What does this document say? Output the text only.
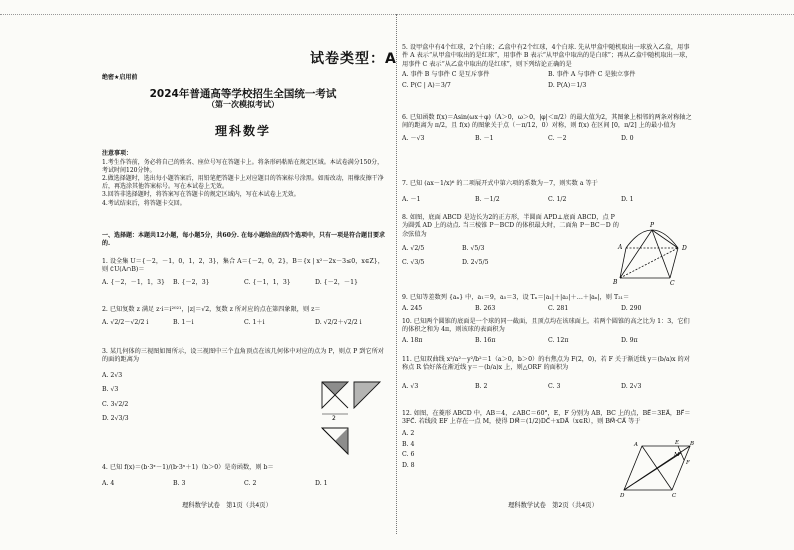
试卷类型：A
绝密★启用前
2024年普通高等学校招生全国统一考试
（第一次模拟考试）
理科数学
注意事项：

1.考生作答前，务必将自己的姓名、座位号写在答题卡上。将条形码粘贴在规定区域。本试卷满分150分，考试时间120分钟。

2.做选择题时，选出每小题答案后，用铅笔把答题卡上对应题目的答案标号涂黑。如需改动，用橡皮擦干净后，再选涂其他答案标号。写在本试卷上无效。

3.回答非选择题时，将答案写在答题卡的规定区域内，写在本试卷上无效。

4.考试结束后，将答题卡交回。

一、选择题：本题共12小题，每小题5分，共60分. 在每小题给出的四个选项中，只有一项是符合题目要求的.

1. 设全集 U＝{－2，－1，0，1，2，3}，集合 A＝{－2，0，2}，B＝{x | x²－2x－3≤0，x∈Z}，则 ∁U(A∩B)＝

A. {－2，－1，1，3}	B. {－2，3}	C. {－1，1，3}	D. {－2，－1}

2. 已知复数 z 满足 z·i＝i²⁰²¹，|z|＝√2，复数 z 所对应的点在第四象限，则 z＝

A. √2/2－√2/2 i	B. 1－i	C. 1＋i	D. √2/2＋√2/2 i

3. 某几何体的三视图如图所示，设三视图中三个直角顶点在该几何体中对应的点为 P，则点 P 到它所对的面的距离为

A. 2√3
B. √3
C. 3√2/2
D. 2√3/3	2

4. 已知 f(x)＝(b·3ˣ－1)/(b·3ˣ＋1)（b＞0）是奇函数，则 b＝

A. 4	B. 3	C. 2	D. 1
理科数学试卷　第1页（共4页）

5. 设甲盒中有4个红球，2个白球；乙盒中有2个红球，4个白球. 先从甲盒中随机取出一球放入乙盒，用事件 A 表示“从甲盒中取出的是红球”，用事件 B 表示“从甲盒中取出的是白球”；再从乙盒中随机取出一球，用事件 C 表示“从乙盒中取出的是红球”，则下列结论正确的是

A. 事件 B 与事件 C 是互斥事件	B. 事件 A 与事件 C 是独立事件
C. P(C | A)＝3/7	D. P(A)＝1/3

6. 已知函数 f(x)＝Asin(ωx＋φ)（A＞0，ω＞0，|φ|＜π/2）的最大值为2，其图象上相邻的两条对称轴之间的距离为 π/2，且 f(x) 的图象关于点（－π/12，0）对称，则 f(x) 在区间 [0，π/2] 上的最小值为

A. －√3	B. －1	C. －2	D. 0

7. 已知 (ax－1/x)⁶ 的二项展开式中第六项的系数为－7，则实数 a 等于

A. －1	B. －1/2	C. 1/2	D. 1

8. 如图，底面 ABCD 是边长为2的正方形，半圆面 APD⊥底面 ABCD，点 P 为圆弧 AD 上的动点. 当三棱锥 P－BCD 的体积最大时，二面角 P－BC－D 的余弦值为

A. √2/5	B. √5/3
C. √3/5	D. 2√5/5
P
A
B	C
D

9. 已知等差数列 {aₙ} 中，a₁＝9，a₅＝3，设 Tₙ＝|a₁|＋|a₂|＋…＋|aₙ|，则 T₂₁＝

A. 245	B. 263	C. 281	D. 290

10. 已知两个圆锥的底面是一个球的同一截面，且顶点均在该球面上，若两个圆锥的高之比为 1：3，它们的体积之和为 4π，则该球的表面积为

A. 18π	B. 16π	C. 12π	D. 9π

11. 已知双曲线 x²/a²－y²/b²＝1（a＞0，b＞0）的右焦点为 F(2，0)，若 F 关于渐近线 y＝(b/a)x 的对称点 R 恰好落在渐近线 y＝－(b/a)x 上，则△ORF 的面积为

A. √3	B. 2	C. 3	D. 2√3

12. 如图，在菱形 ABCD 中，AB＝4，∠ABC＝60°，E，F 分别为 AB，BC 上的点，BE⃗＝3EA⃗，BF⃗＝3FC⃗. 若线段 EF 上存在一点 M，使得 DM⃗＝(1/2)DC⃗＋xDA⃗（x∈R），则 BM⃗·CA⃗ 等于

A. 2
B. 4
C. 6
D. 8
A	B
C
D
E
F
M
理科数学试卷　第2页（共4页）
